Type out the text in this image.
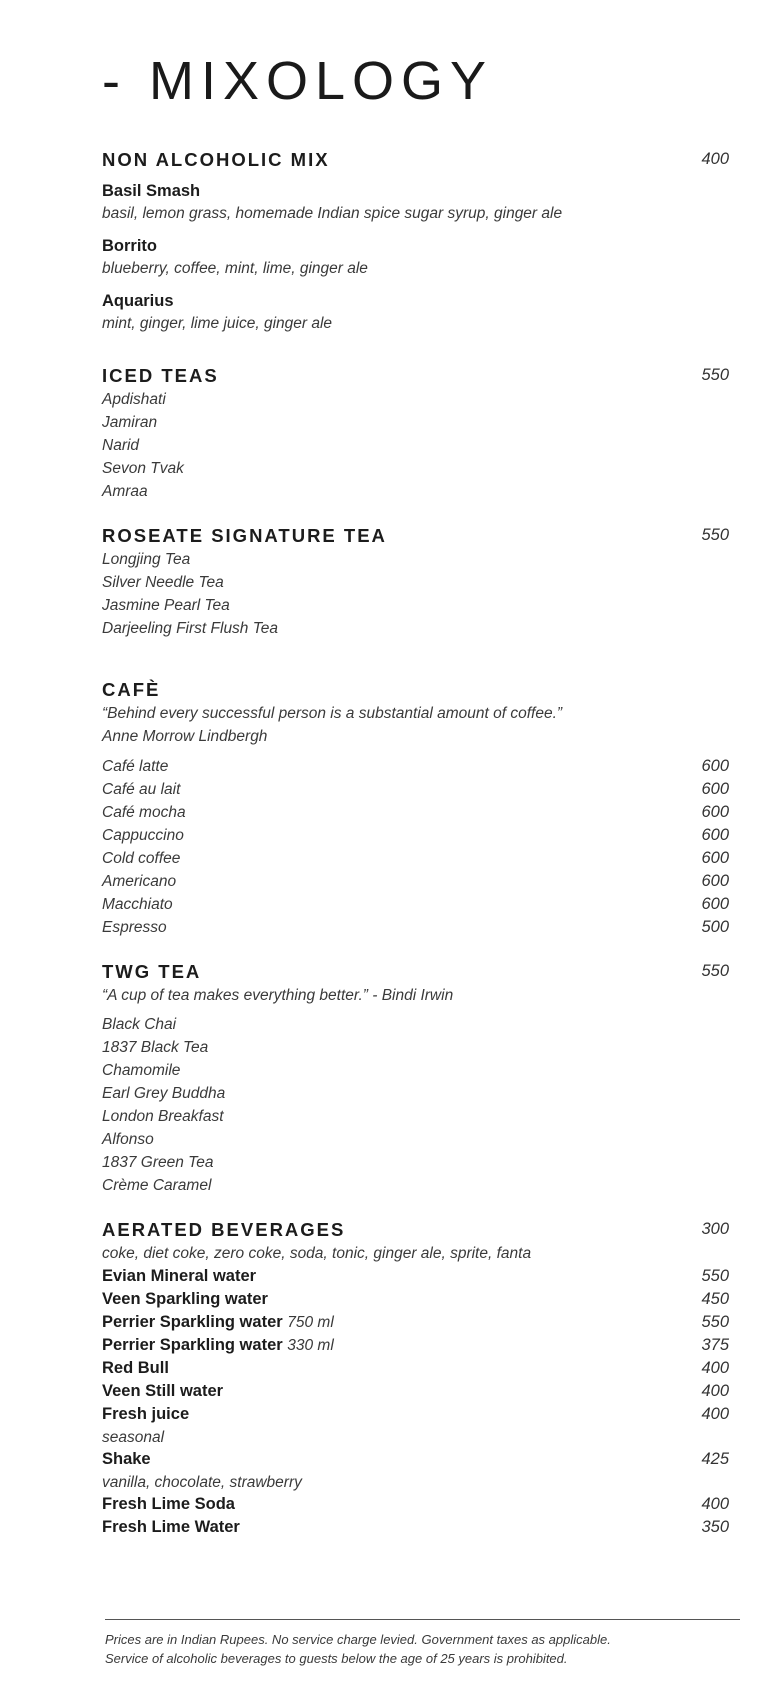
- MIXOLOGY
NON ALCOHOLIC MIX	400
Basil Smash
basil, lemon grass, homemade Indian spice sugar syrup, ginger ale
Borrito
blueberry, coffee, mint, lime, ginger ale
Aquarius
mint, ginger, lime juice, ginger ale
ICED TEAS	550
Apdishati
Jamiran
Narid
Sevon Tvak
Amraa
ROSEATE SIGNATURE TEA	550
Longjing Tea
Silver Needle Tea
Jasmine Pearl Tea
Darjeeling First Flush Tea
CAFÈ
“Behind every successful person is a substantial amount of coffee.”
Anne Morrow Lindbergh
Café latte	600
Café au lait	600
Café mocha	600
Cappuccino	600
Cold coffee	600
Americano	600
Macchiato	600
Espresso	500
TWG TEA	550
“A cup of tea makes everything better.” - Bindi Irwin
Black Chai
1837 Black Tea
Chamomile
Earl Grey Buddha
London Breakfast
Alfonso
1837 Green Tea
Crème Caramel
AERATED BEVERAGES	300
coke, diet coke, zero coke, soda, tonic, ginger ale, sprite, fanta
Evian Mineral water	550
Veen Sparkling water	450
Perrier Sparkling water 750 ml	550
Perrier Sparkling water 330 ml	375
Red Bull	400
Veen Still water	400
Fresh juice	400
seasonal
Shake	425
vanilla, chocolate, strawberry
Fresh Lime Soda	400
Fresh Lime Water	350
Prices are in Indian Rupees. No service charge levied. Government taxes as applicable.
Service of alcoholic beverages to guests below the age of 25 years is prohibited.
